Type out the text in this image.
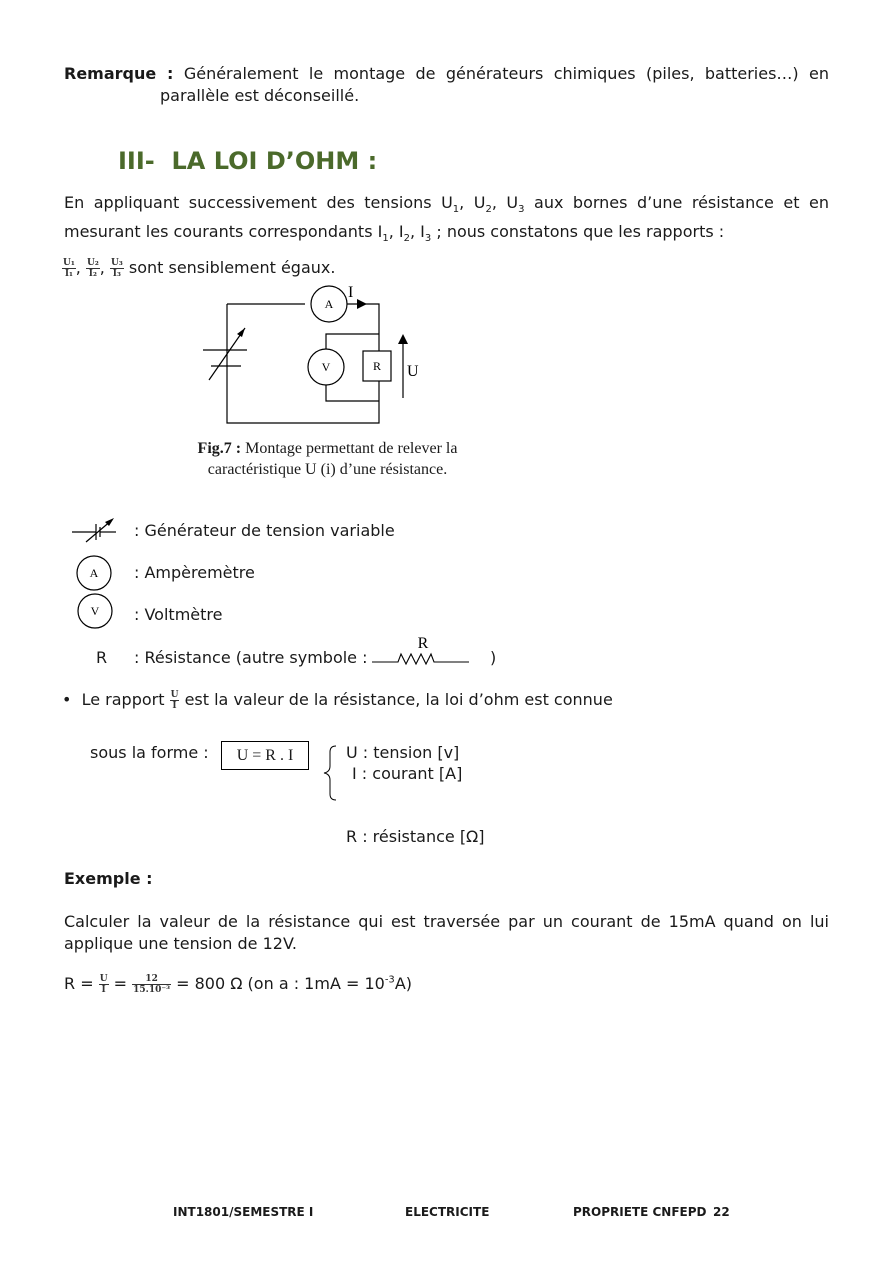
Remarque : Généralement le montage de générateurs chimiques (piles, batteries…) en
parallèle est déconseillé.
III- LA LOI D’OHM :
En appliquant successivement des tensions $U_1$, $U_2$, $U_3$ aux bornes d’une résistance et en
mesurant les courants correspondants $I_1$, $I_2$, $I_3$ ; nous constatons que les rapports :
$\frac{\text{U₁}}{\text{I₁}}$ , $\frac{\text{U₂}}{\text{I₂}}$ , $\frac{\text{U₃}}{\text{I₃}}$ sont sensiblement égaux.
A
V	R
I
U
Fig.7 : Montage permettant de relever la
caractéristique U (i) d’une résistance.
: Générateur de tension variable
A : Ampèremètre
V : Voltmètre
R : Résistance (autre symbole :
R
)
• Le rapport $\frac{U}{I}$ est la valeur de la résistance, la loi d’ohm est connue
sous la forme :	U = R . I	U : tension [v]
I : courant [A]
R : résistance [Ω]
Exemple :
Calculer la valeur de la résistance qui est traversée par un courant de 15mA quand on lui
applique une tension de 12V.
$R = \frac{U}{I} = \frac{12}{\text{15.10⁻³}} = 800$ Ω (on a : $1mA = 10^{-3}A$)
INT1801/SEMESTRE I	ELECTRICITE	PROPRIETE CNFEPD 22
